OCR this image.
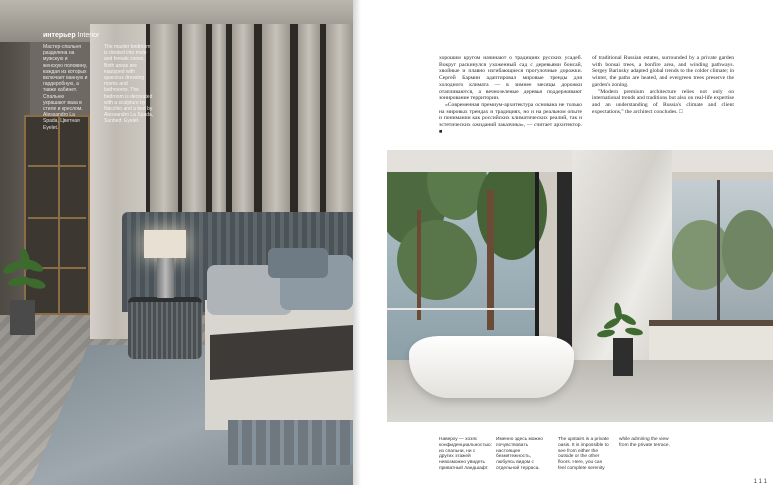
интерьер Interior
Мастер-спальня разделена на мужскую и женскую половину, каждая из которых включает ванную и гардеробную, а также кабинет. Спальню украшают ваза в стиле и креслом. Alessandro La Spada, Цветная Eyelet.
The master bedroom is divided into male and female zones. Both areas are equipped with spacious dressing rooms and bathrooms. The bedroom is decorated with a sculpture by Nacchio and a bed by Alessandro La Spada, Sunbed: Eyelet.

хорошим кругом начинают о традициях русских усадеб. Вокруг раскинулся ухоженный сад с деревьями бонсай, хвойные и плавно изгибающиеся прогулочные дорожки. Сергей Бармин адаптировал мировые тренды для холодного климата — в зимнее месяцы дорожки отапливаются, а вечнозеленые деревья поддерживают зонирование территории.

«Современная премиум-архитектура основана не только на мировых трендах и традициях, но и на реальном опыте и понимании как российских климатических реалий, так и эстетических ожиданий заказчика», — считает архитектор. ■

of traditional Russian estates, surrounded by a private garden with bonsai trees, a bonfire area, and winding pathways. Sergey Barinsky adapted global trends to the colder climate; in winter, the paths are heated, and evergreen trees preserve the garden's zoning.

"Modern premium architecture relies not only on international trends and traditions but also on real-life expertise and an understanding of Russia's climate and client expectations," the architect concludes. □

Наверху — хозяс конфиденциальностью: из спальни, ни с других этажей невозможно увидеть приватный ландшафт.
Именно здесь можно почувствовать настоящее безмятежность, любуясь видом с отдельной терраса.
The upstairs is a private oasis. It is impossible to see from either the outside or the other floors. Here, you can feel complete serenity
while admiring the view from the private terrace.
1 1 1
